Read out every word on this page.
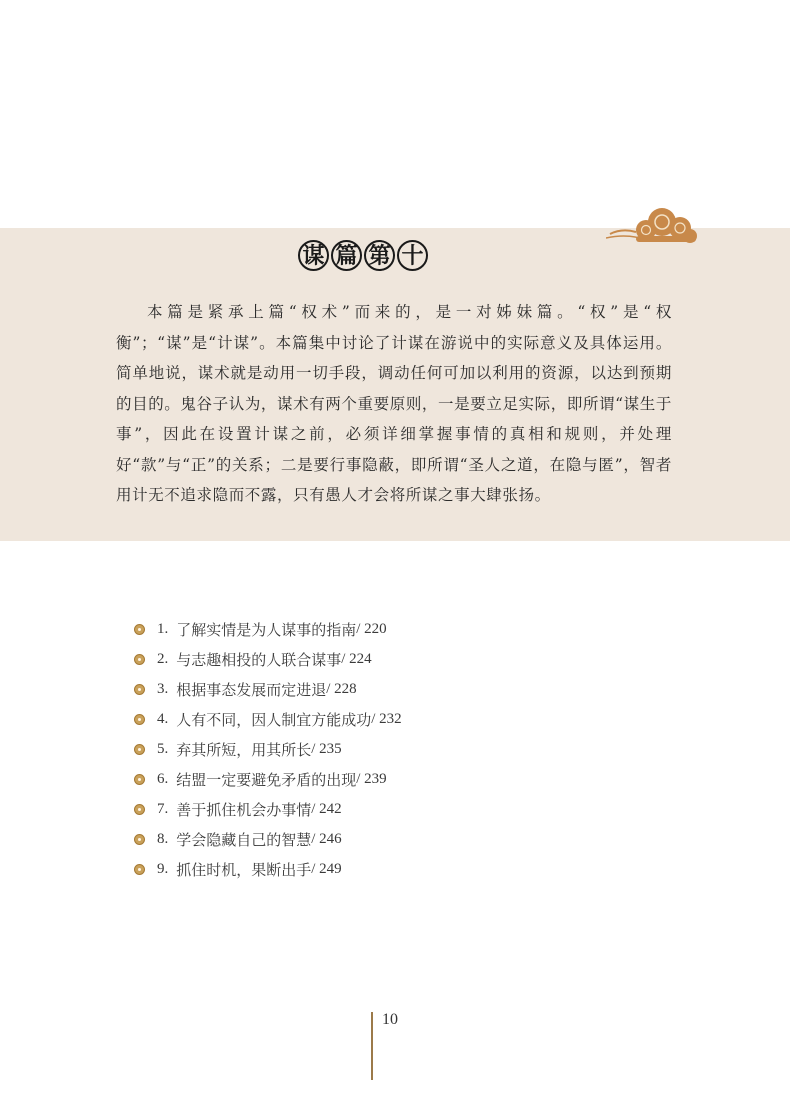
谋 篇 第 十

本篇是紧承上篇“权术”而来的，是一对姊妹篇。“权”是“权衡”；“谋”是“计谋”。本篇集中讨论了计谋在游说中的实际意义及具体运用。简单地说，谋术就是动用一切手段，调动任何可加以利用的资源，以达到预期的目的。鬼谷子认为，谋术有两个重要原则，一是要立足实际，即所谓“谋生于事”，因此在设置计谋之前，必须详细掌握事情的真相和规则，并处理好“款”与“正”的关系；二是要行事隐蔽，即所谓“圣人之道，在隐与匿”，智者用计无不追求隐而不露，只有愚人才会将所谋之事大肆张扬。

1. 了解实情是为人谋事的指南 / 220
2. 与志趣相投的人联合谋事 / 224
3. 根据事态发展而定进退 / 228
4. 人有不同，因人制宜方能成功 / 232
5. 弃其所短，用其所长 / 235
6. 结盟一定要避免矛盾的出现 / 239
7. 善于抓住机会办事情 / 242
8. 学会隐藏自己的智慧 / 246
9. 抓住时机，果断出手 / 249
10
